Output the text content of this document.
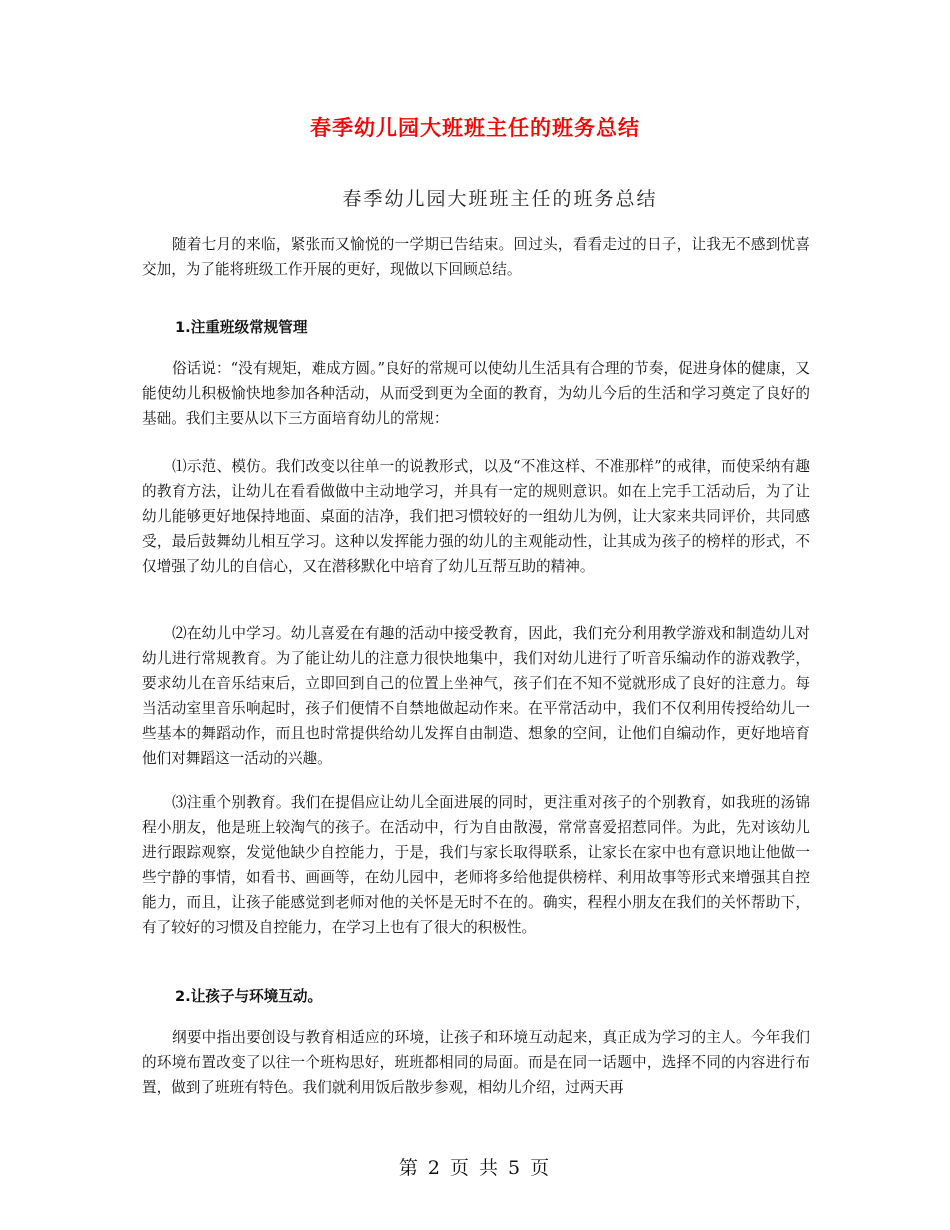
春季幼儿园大班班主任的班务总结
春季幼儿园大班班主任的班务总结

随着七月的来临，紧张而又愉悦的一学期已告结束。回过头，看看走过的日子，让我无不感到忧喜交加，为了能将班级工作开展的更好，现做以下回顾总结。

1.注重班级常规管理

俗话说：“没有规矩，难成方圆。”良好的常规可以使幼儿生活具有合理的节奏，促进身体的健康，又能使幼儿积极愉快地参加各种活动，从而受到更为全面的教育，为幼儿今后的生活和学习奠定了良好的基础。我们主要从以下三方面培育幼儿的常规：

⑴示范、模仿。我们改变以往单一的说教形式，以及“不准这样、不准那样”的戒律，而使采纳有趣的教育方法，让幼儿在看看做做中主动地学习，并具有一定的规则意识。如在上完手工活动后，为了让幼儿能够更好地保持地面、桌面的洁净，我们把习惯较好的一组幼儿为例，让大家来共同评价，共同感受，最后鼓舞幼儿相互学习。这种以发挥能力强的幼儿的主观能动性，让其成为孩子的榜样的形式，不仅增强了幼儿的自信心，又在潜移默化中培育了幼儿互帮互助的精神。

⑵在幼儿中学习。幼儿喜爱在有趣的活动中接受教育，因此，我们充分利用教学游戏和制造幼儿对幼儿进行常规教育。为了能让幼儿的注意力很快地集中，我们对幼儿进行了听音乐编动作的游戏教学，要求幼儿在音乐结束后，立即回到自己的位置上坐神气，孩子们在不知不觉就形成了良好的注意力。每当活动室里音乐响起时，孩子们便情不自禁地做起动作来。在平常活动中，我们不仅利用传授给幼儿一些基本的舞蹈动作，而且也时常提供给幼儿发挥自由制造、想象的空间，让他们自编动作，更好地培育他们对舞蹈这一活动的兴趣。

⑶注重个别教育。我们在提倡应让幼儿全面进展的同时，更注重对孩子的个别教育，如我班的汤锦程小朋友，他是班上较淘气的孩子。在活动中，行为自由散漫，常常喜爱招惹同伴。为此，先对该幼儿进行跟踪观察，发觉他缺少自控能力，于是，我们与家长取得联系，让家长在家中也有意识地让他做一些宁静的事情，如看书、画画等，在幼儿园中，老师将多给他提供榜样、利用故事等形式来增强其自控能力，而且，让孩子能感觉到老师对他的关怀是无时不在的。确实，程程小朋友在我们的关怀帮助下，有了较好的习惯及自控能力，在学习上也有了很大的积极性。

2.让孩子与环境互动。

纲要中指出要创设与教育相适应的环境，让孩子和环境互动起来，真正成为学习的主人。今年我们的环境布置改变了以往一个班构思好，班班都相同的局面。而是在同一话题中，选择不同的内容进行布置，做到了班班有特色。我们就利用饭后散步参观，相幼儿介绍，过两天再

第 2 页 共 5 页
